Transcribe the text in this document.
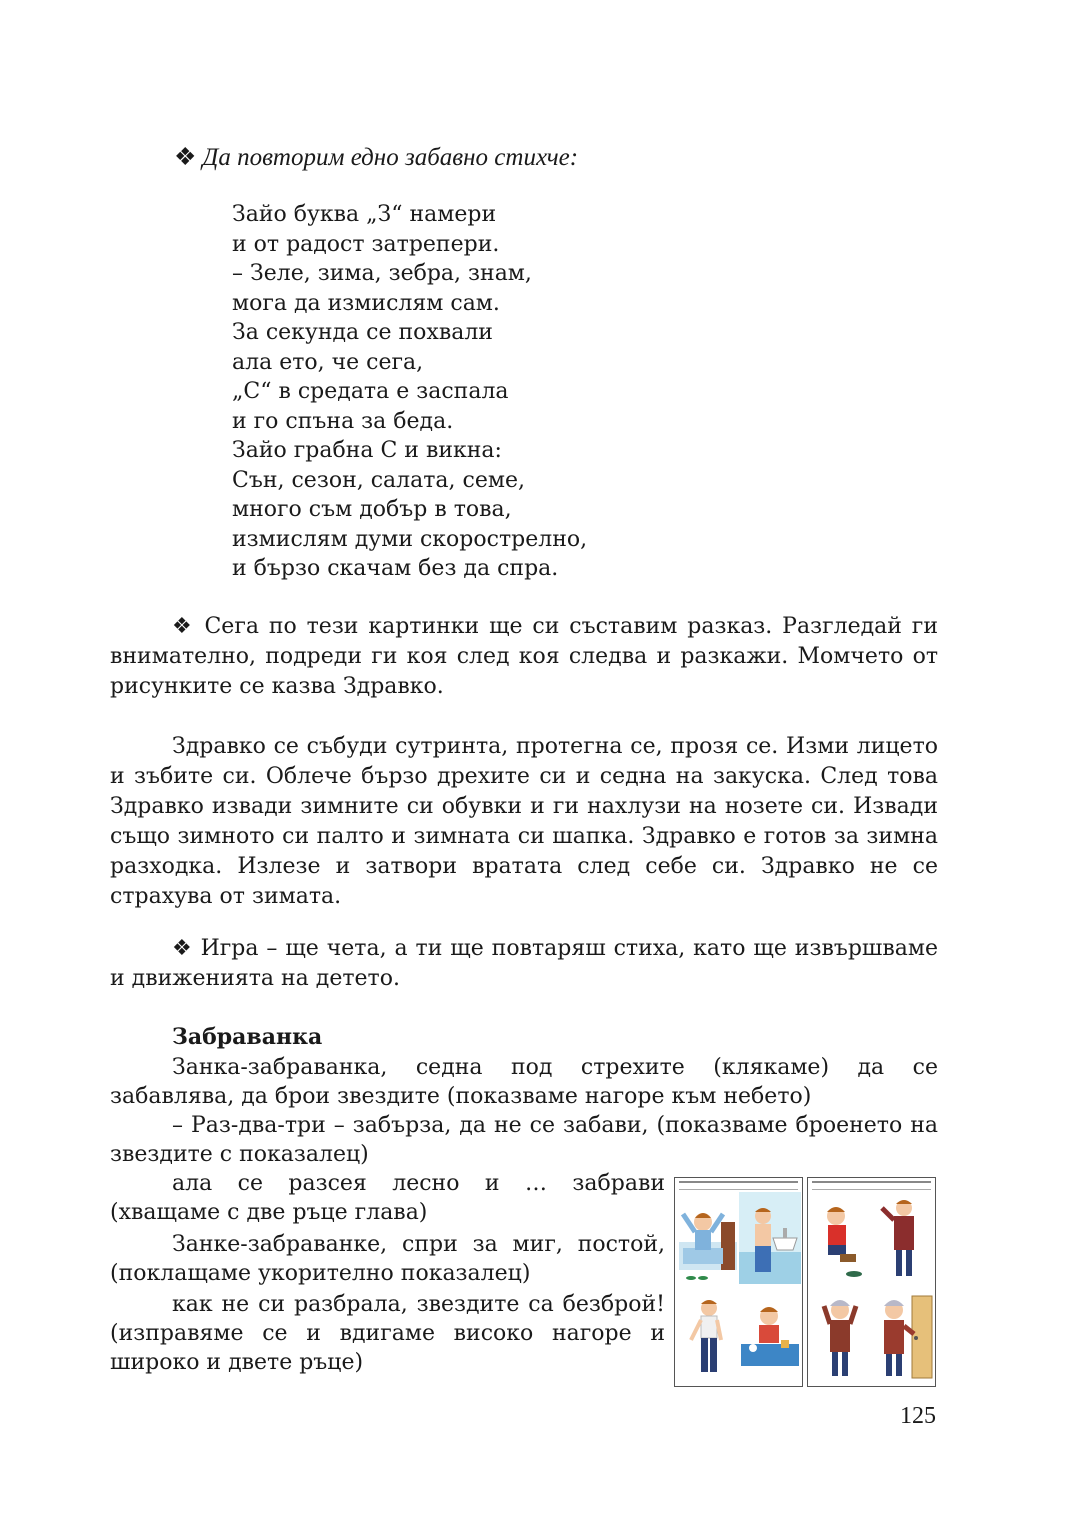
❖ Да повторим едно забавно стихче:
Зайо буква „З“ намери
и от радост затрепери.
– Зеле, зима, зебра, знам,
мога да измислям сам.
За секунда се похвали
ала ето, че сега,
„С“ в средата е заспала
и го спъна за беда.
Зайо грабна С и викна:
Сън, сезон, салата, семе,
много съм добър в това,
измислям думи скорострелно,
и бързо скачам без да спра.
❖ Сега по тези картинки ще си съставим разказ. Разгледай ги внимателно, подреди ги коя след коя следва и разкажи. Момчето от рисунките се казва Здравко.
Здравко се събуди сутринта, протегна се, прозя се. Изми лицето и зъбите си. Облече бързо дрехите си и седна на закуска. След това Здравко извади зимните си обувки и ги нахлузи на нозете си. Извади също зимното си палто и зимната си шапка. Здравко е готов за зимна разходка. Излезе и затвори вратата след себе си. Здравко не се страхува от зимата.
❖ Игра – ще чета, а ти ще повтаряш стиха, като ще извършваме и движенията на детето.
Забраванка
Занка-забраванка, седна под стрехите (клякаме) да се забавлява, да брои звездите (показваме нагоре към небето)
– Раз-два-три – забърза, да не се забави, (показваме броенето на звездите с показалец)
ала се разсея лесно и … забрави (хващаме с две ръце глава)
Занке-забраванке, спри за миг, постой, (поклащаме укорително показалец)
как не си разбрала, звездите са безброй! (изправяме се и вдигаме високо нагоре и широко и двете ръце)
125
